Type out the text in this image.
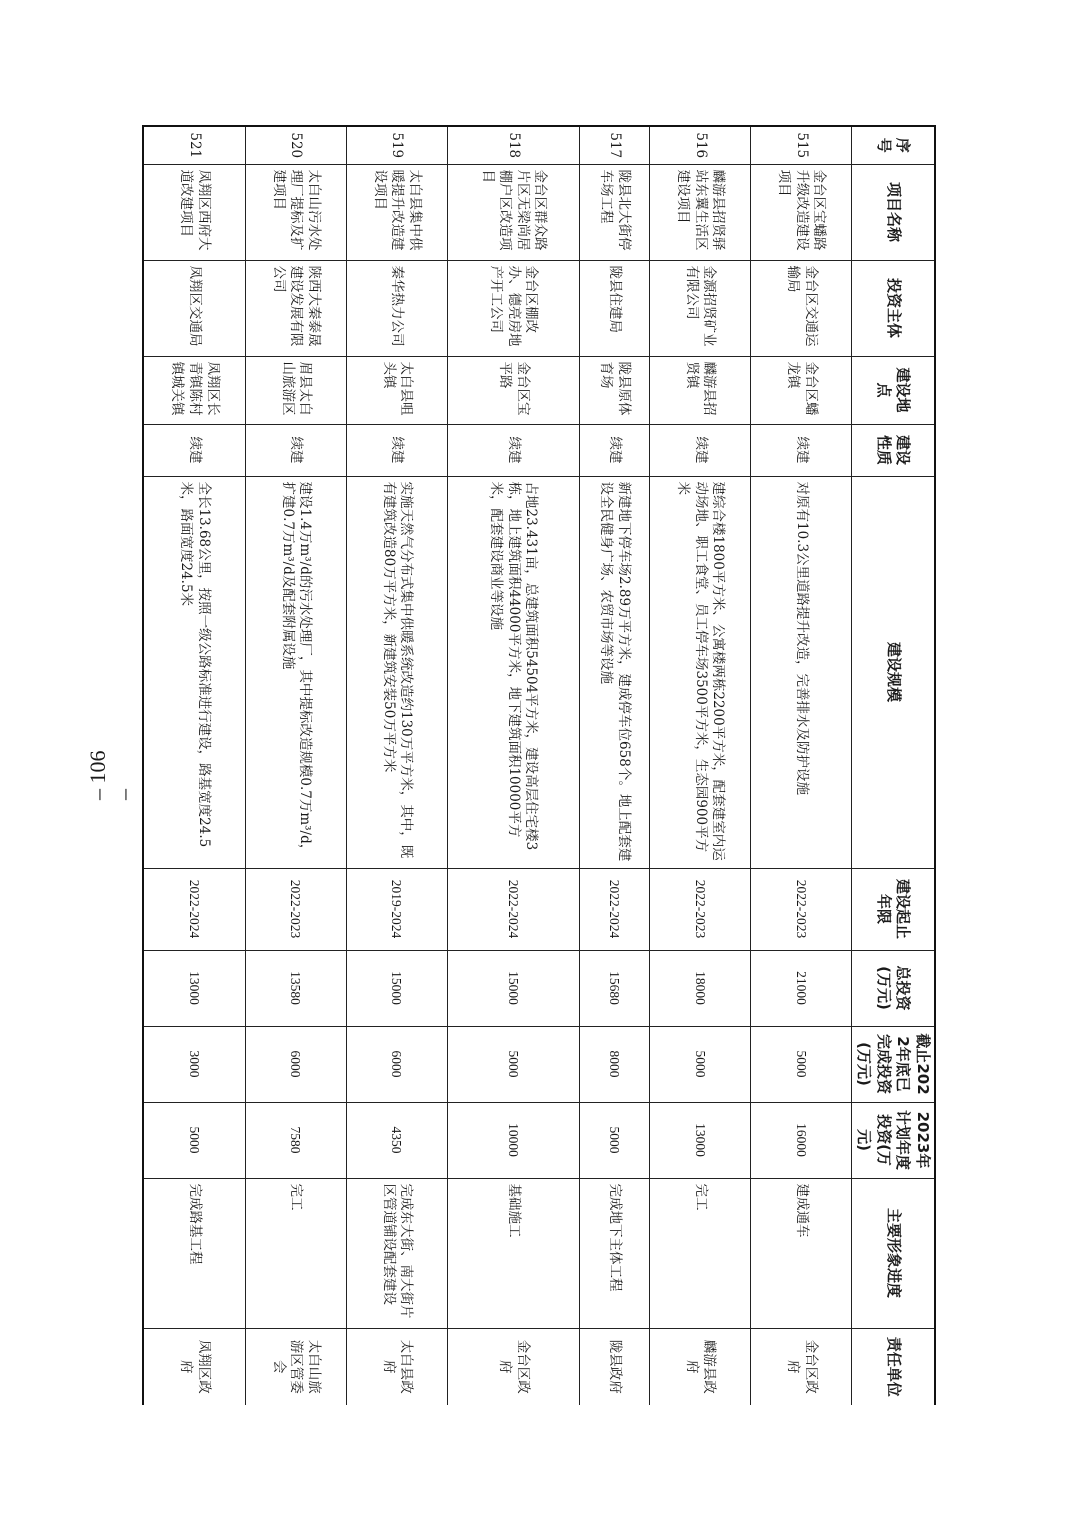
– 106 –
序号	项目名称	投资主体	建设地点	建设性质	建设规模	建设起止年限	总投资(万元)	截止2022年底已完成投资(万元)	2023年计划年度投资(万元)	主要形象进度	责任单位
515	金台区宝蟠路升级改造建设项目	金台区交通运输局	金台区蟠龙镇	续建	对原有10.3公里道路提升改造，完善排水及防护设施	2022-2023	21000	5000	16000	建成通车	金台区政府
516	麟游县招贤驿站东翼生活区建设项目	金源招贤矿业有限公司	麟游县招贤镇	续建	建综合楼1800平方米、公寓楼两栋2200平方米，配套建室内运动场地、职工食堂、员工停车场3500平方米，生态园900平方米	2022-2023	18000	5000	13000	完工	麟游县政府
517	陇县北大街停车场工程	陇县住建局	陇县原体育场	续建	新建地下停车场2.89万平方米，建成停车位658个。地上配套建设全民健身广场、农贸市场等设施	2022-2024	15680	8000	5000	完成地下主体工程	陇县政府
518	金台区群众路片区无梁尚居棚户区改造项目	金台区棚改办、德亮房地产开工公司	金台区宝平路	续建	占地23.431亩，总建筑面积54504平方米，建设高层住宅楼3栋，地上建筑面积44000平方米，地下建筑面积10000平方米，配套建设商业等设施	2022-2024	15000	5000	10000	基础施工	金台区政府
519	太白县集中供暖提升改造建设项目	秦华热力公司	太白县咀头镇	续建	实施天然气分布式集中供暖系统改造约130万平方米，其中，既有建筑改造80万平方米，新建筑安装50万平方米	2019-2024	15000	6000	4350	完成东大街、南大街片区管道铺设配套建设	太白县政府
520	太白山污水处理厂提标及扩建项目	陕西大秦泰晟建设发展有限公司	眉县太白山旅游区	续建	建设1.4万m³/d的污水处理厂，其中提标改造规模0.7万m³/d，扩建0.7万m³/d及配套附属设施	2022-2023	13580	6000	7580	完工	太白山旅游区管委会
521	凤翔区西府大道改建项目	凤翔区交通局	凤翔区长青镇陈村镇城关镇	续建	全长13.68公里，按照一级公路标准进行建设，路基宽度24.5米，路面宽度24.5米	2022-2024	13000	3000	5000	完成路基工程	凤翔区政府
